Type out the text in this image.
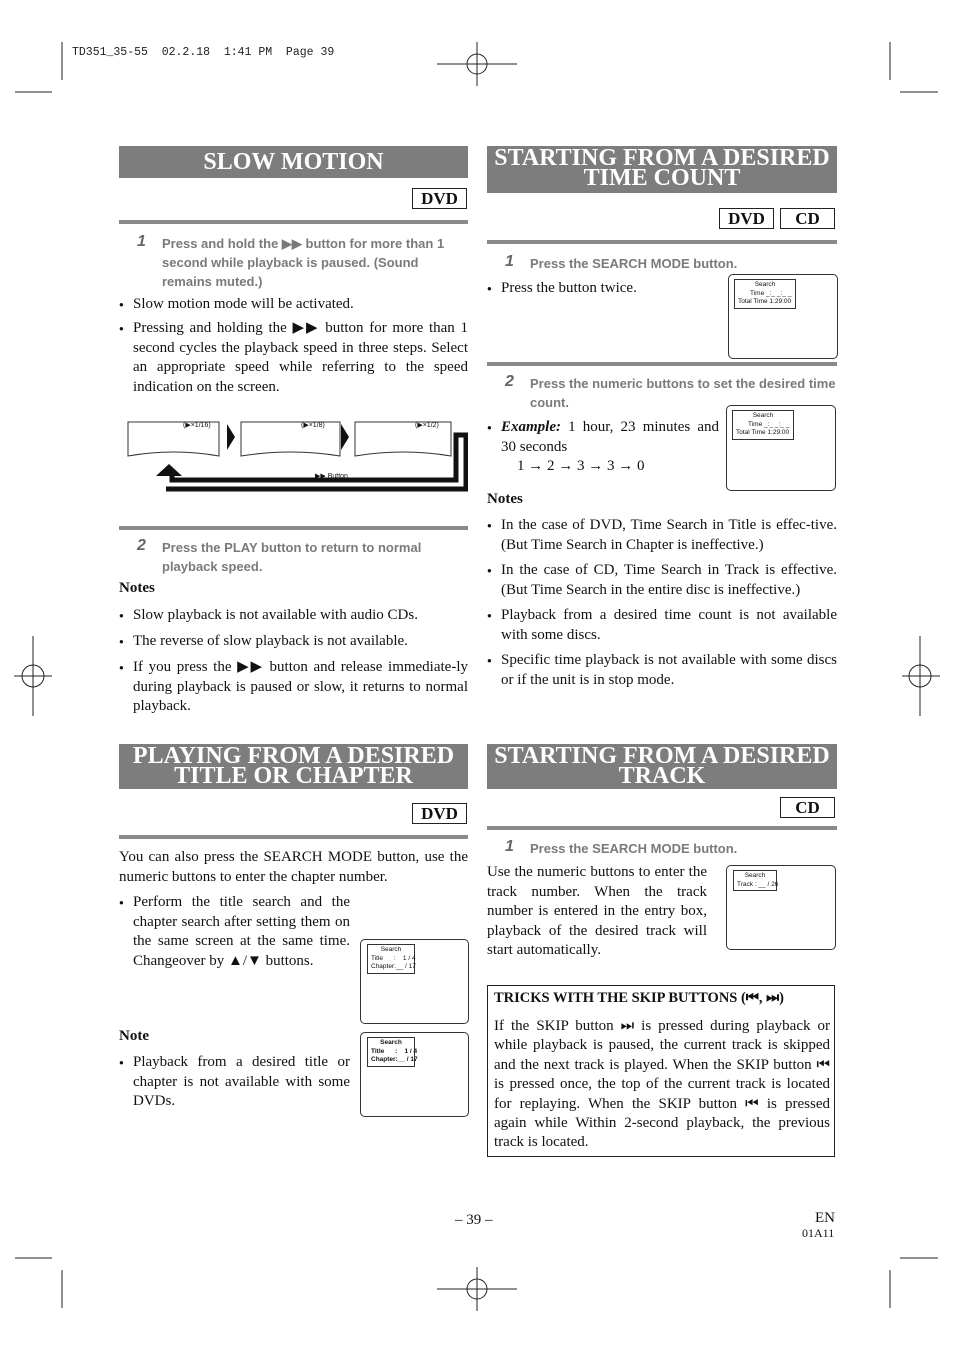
TD351_35-55  02.2.18  1:41 PM  Page 39
SLOW MOTION
DVD
1 Press and hold the ▶▶ button for more than 1 second while playback is paused. (Sound remains muted.)
● Slow motion mode will be activated.
● Pressing and holding the ▶▶ button for more than 1 second cycles the playback speed in three steps. Select an appropriate speed while referring to the speed indication on the screen.
(▶×1/16)	(▶×1/8)	(▶×1/2)
▶▶ Button
2 Press the PLAY button to return to normal playback speed.
Notes
● Slow playback is not available with audio CDs.
● The reverse of slow playback is not available.
● If you press the ▶▶ button and release immediate-ly during playback is paused or slow, it returns to normal playback.
STARTING FROM A DESIRED
TIME COUNT
DVD	CD
1 Press the SEARCH MODE button.
● Press the button twice.	Search
Time _:_ _:_ _
Total Time 1:29:00
2 Press the numeric buttons to set the desired time count.
● Example: 1 hour, 23 minutes and 30 seconds
1 → 2 → 3 → 3 → 0
Search
Time _:_ _:_ _
Total Time 1:29:00
Notes
● In the case of DVD, Time Search in Title is effec-tive. (But Time Search in Chapter is ineffective.)
● In the case of CD, Time Search in Track is effective. (But Time Search in the entire disc is ineffective.)
● Playback from a desired time count is not available with some discs.
● Specific time playback is not available with some discs or if the unit is in stop mode.
PLAYING FROM A DESIRED
TITLE OR CHAPTER
DVD
You can also press the SEARCH MODE button, use the numeric buttons to enter the chapter number.
● Perform the title search and the chapter search after setting them on the same screen at the same time. Changeover by ▲/▼ buttons.
Search
Title      :    1 / 4
Chapter:__ / 17
Search
Title      :    1 / 4
Chapter:__ / 17
Note
● Playback from a desired title or chapter is not available with some DVDs.
STARTING FROM A DESIRED
TRACK
CD
1 Press the SEARCH MODE button.
Use the numeric buttons to enter the track number. When the track number is entered in the entry box, playback of the desired track will start automatically.
Search
Track : __ / 26
TRICKS WITH THE SKIP BUTTONS (⏮, ⏭)
If the SKIP button ⏭ is pressed during playback or while playback is paused, the current track is skipped and the next track is played. When the SKIP button ⏮ is pressed once, the top of the current track is located for replaying. When the SKIP button ⏮ is pressed again while Within 2-second playback, the previous track is located.
– 39 –	EN
01A11
